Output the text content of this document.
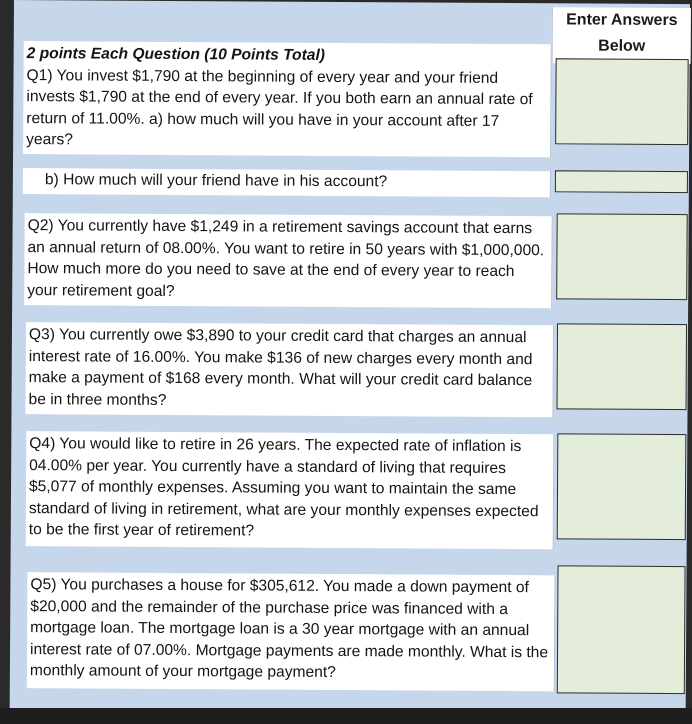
Enter Answers
Below
2 points Each Question (10 Points Total)
Q1) You invest $1,790 at the beginning of every year and your friend invests $1,790 at the end of every year. If you both earn an annual rate of return of 11.00%. a) how much will you have in your account after 17 years?
b) How much will your friend have in his account?
Q2) You currently have $1,249 in a retirement savings account that earns an annual return of 08.00%. You want to retire in 50 years with $1,000,000. How much more do you need to save at the end of every year to reach your retirement goal?
Q3) You currently owe $3,890 to your credit card that charges an annual interest rate of 16.00%. You make $136 of new charges every month and make a payment of $168 every month. What will your credit card balance be in three months?
Q4) You would like to retire in 26 years. The expected rate of inflation is 04.00% per year. You currently have a standard of living that requires $5,077 of monthly expenses. Assuming you want to maintain the same standard of living in retirement, what are your monthly expenses expected to be the first year of retirement?
Q5) You purchases a house for $305,612. You made a down payment of $20,000 and the remainder of the purchase price was financed with a mortgage loan. The mortgage loan is a 30 year mortgage with an annual interest rate of 07.00%. Mortgage payments are made monthly. What is the monthly amount of your mortgage payment?
